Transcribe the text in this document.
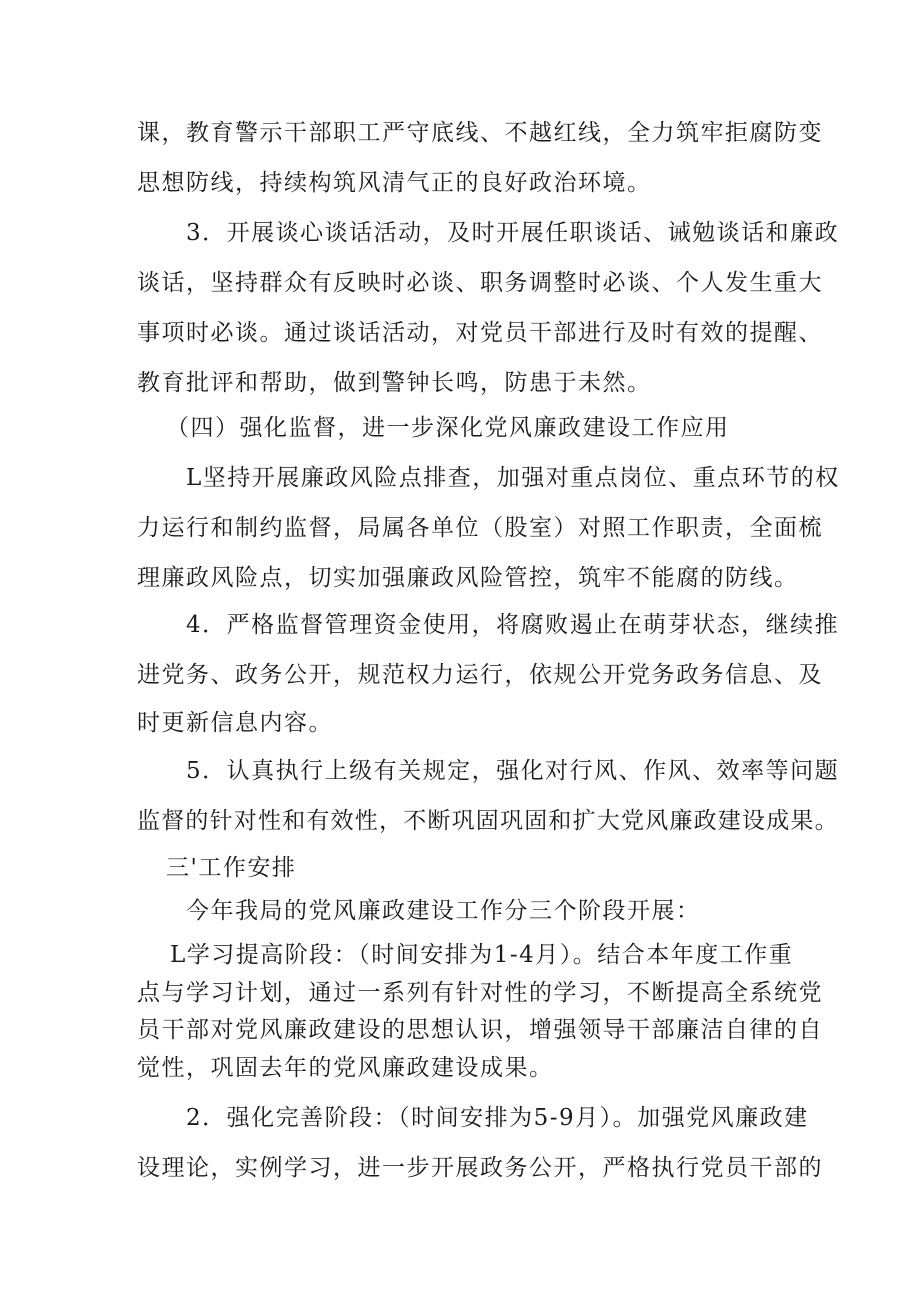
课，教育警示干部职工严守底线、不越红线，全力筑牢拒腐防变
思想防线，持续构筑风清气正的良好政治环境。
3．开展谈心谈话活动，及时开展任职谈话、诫勉谈话和廉政
谈话，坚持群众有反映时必谈、职务调整时必谈、个人发生重大
事项时必谈。通过谈话活动，对党员干部进行及时有效的提醒、
教育批评和帮助，做到警钟长鸣，防患于未然。
（四）强化监督，进一步深化党风廉政建设工作应用
L坚持开展廉政风险点排查，加强对重点岗位、重点环节的权
力运行和制约监督，局属各单位（股室）对照工作职责，全面梳
理廉政风险点，切实加强廉政风险管控，筑牢不能腐的防线。
4．严格监督管理资金使用，将腐败遏止在萌芽状态，继续推
进党务、政务公开，规范权力运行，依规公开党务政务信息、及
时更新信息内容。
5．认真执行上级有关规定，强化对行风、作风、效率等问题
监督的针对性和有效性，不断巩固巩固和扩大党风廉政建设成果。
三'工作安排
今年我局的党风廉政建设工作分三个阶段开展：
L学习提高阶段：（时间安排为1-4月）。结合本年度工作重
点与学习计划，通过一系列有针对性的学习，不断提高全系统党
员干部对党风廉政建设的思想认识，增强领导干部廉洁自律的自
觉性，巩固去年的党风廉政建设成果。
2．强化完善阶段：（时间安排为5-9月）。加强党风廉政建
设理论，实例学习，进一步开展政务公开，严格执行党员干部的
